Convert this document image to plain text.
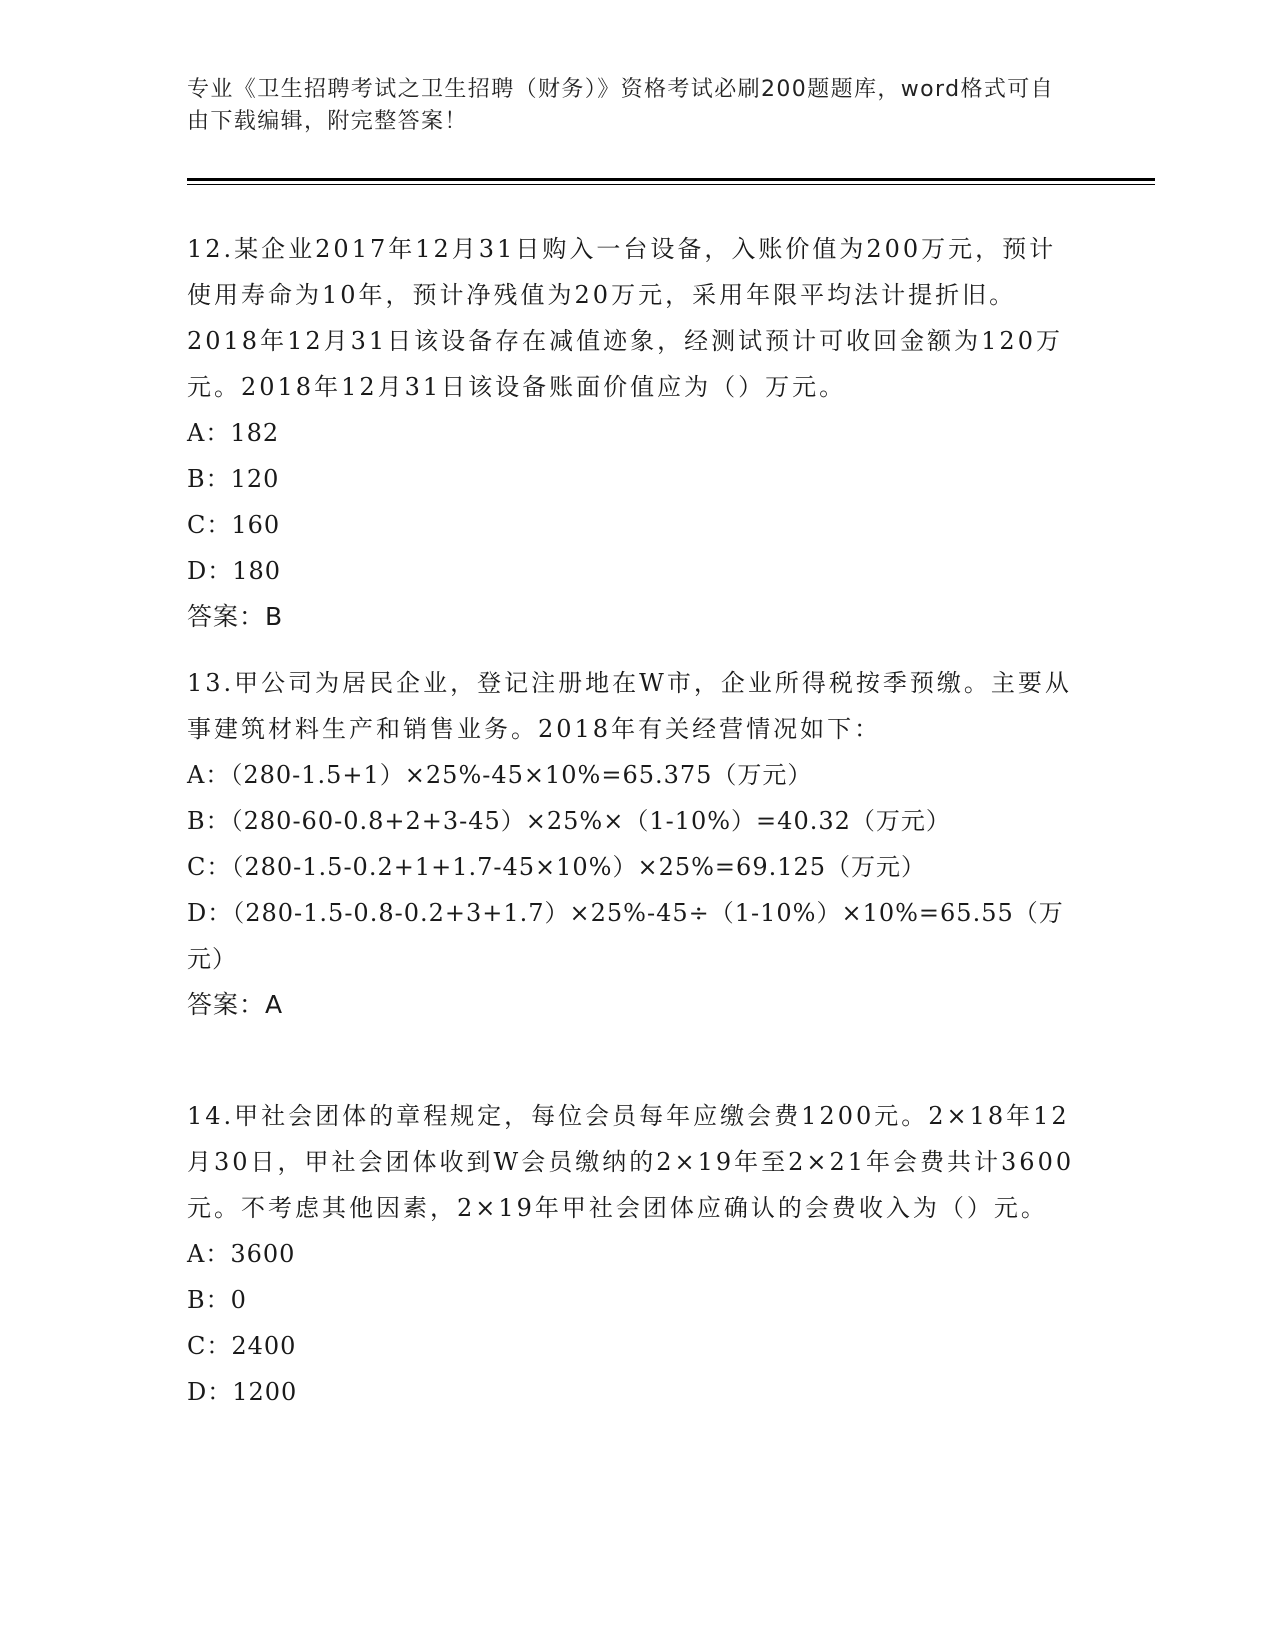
专业《卫生招聘考试之卫生招聘（财务）》资格考试必刷200题题库，word格式可自由下载编辑，附完整答案！

12.某企业2017年12月31日购入一台设备，入账价值为200万元，预计使用寿命为10年，预计净残值为20万元，采用年限平均法计提折旧。2018年12月31日该设备存在减值迹象，经测试预计可收回金额为120万元。2018年12月31日该设备账面价值应为（）万元。

A：182

B：120

C：160

D：180

答案：B

13.甲公司为居民企业，登记注册地在W市，企业所得税按季预缴。主要从事建筑材料生产和销售业务。2018年有关经营情况如下：

A：（280-1.5+1）×25%-45×10%=65.375（万元）

B：（280-60-0.8+2+3-45）×25%×（1-10%）=40.32（万元）

C：（280-1.5-0.2+1+1.7-45×10%）×25%=69.125（万元）

D：（280-1.5-0.8-0.2+3+1.7）×25%-45÷（1-10%）×10%=65.55（万元）

答案：A

14.甲社会团体的章程规定，每位会员每年应缴会费1200元。2×18年12月30日，甲社会团体收到W会员缴纳的2×19年至2×21年会费共计3600元。不考虑其他因素，2×19年甲社会团体应确认的会费收入为（）元。

A：3600

B：0

C：2400

D：1200
